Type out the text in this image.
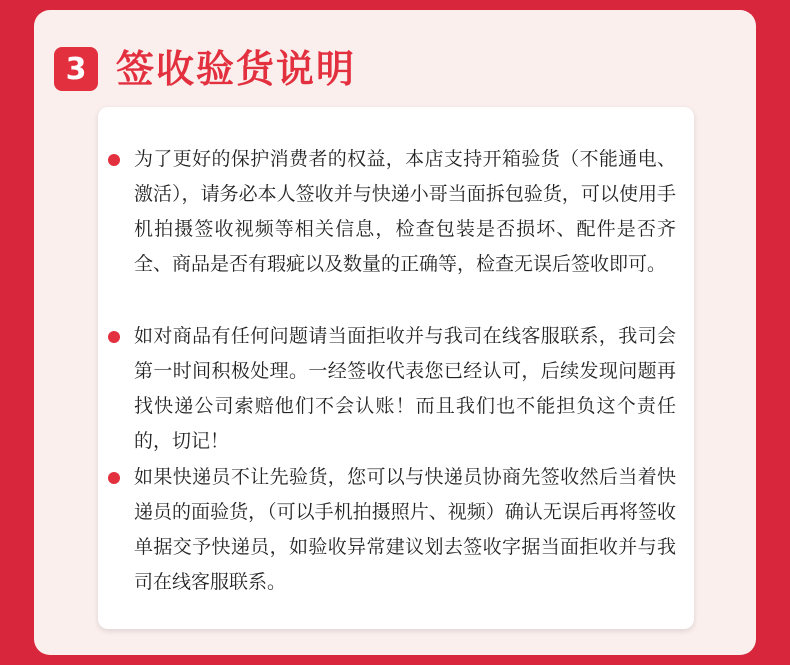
3 签收验货说明
为了更好的保护消费者的权益，本店支持开箱验货（不能通电、激活），请务必本人签收并与快递小哥当面拆包验货，可以使用手机拍摄签收视频等相关信息，检查包装是否损坏、配件是否齐全、商品是否有瑕疵以及数量的正确等，检查无误后签收即可。
如对商品有任何问题请当面拒收并与我司在线客服联系，我司会第一时间积极处理。一经签收代表您已经认可，后续发现问题再找快递公司索赔他们不会认账！而且我们也不能担负这个责任的，切记！
如果快递员不让先验货，您可以与快递员协商先签收然后当着快递员的面验货，（可以手机拍摄照片、视频）确认无误后再将签收单据交予快递员，如验收异常建议划去签收字据当面拒收并与我司在线客服联系。
